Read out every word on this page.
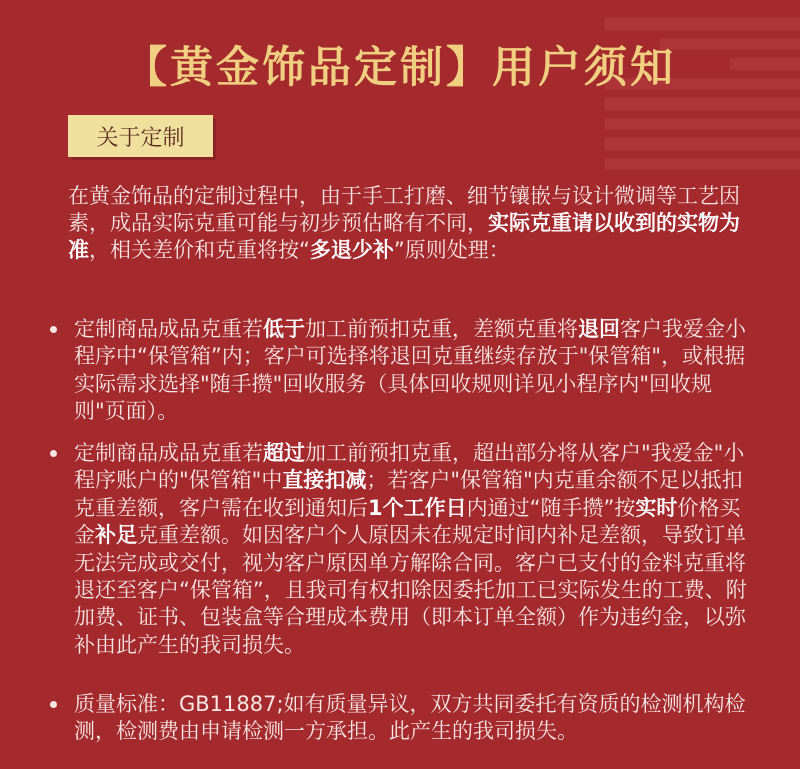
【黄金饰品定制】用户须知
关于定制

在黄金饰品的定制过程中，由于手工打磨、细节镶嵌与设计微调等工艺因素，成品实际克重可能与初步预估略有不同，实际克重请以收到的实物为准，相关差价和克重将按“多退少补”原则处理：

定制商品成品克重若低于加工前预扣克重，差额克重将退回客户我爱金小程序中“保管箱”内；客户可选择将退回克重继续存放于"保管箱"，或根据实际需求选择"随手攒"回收服务（具体回收规则详见小程序内"回收规则"页面）。

定制商品成品克重若超过加工前预扣克重，超出部分将从客户"我爱金"小程序账户的"保管箱"中直接扣减；若客户"保管箱"内克重余额不足以抵扣克重差额，客户需在收到通知后1个工作日内通过“随手攒”按实时价格买金补足克重差额。如因客户个人原因未在规定时间内补足差额，导致订单无法完成或交付，视为客户原因单方解除合同。客户已支付的金料克重将退还至客户“保管箱”，且我司有权扣除因委托加工已实际发生的工费、附加费、证书、包装盒等合理成本费用（即本订单全额）作为违约金，以弥补由此产生的我司损失。

质量标准：GB11887;如有质量异议，双方共同委托有资质的检测机构检测，检测费由申请检测一方承担。此产生的我司损失。
